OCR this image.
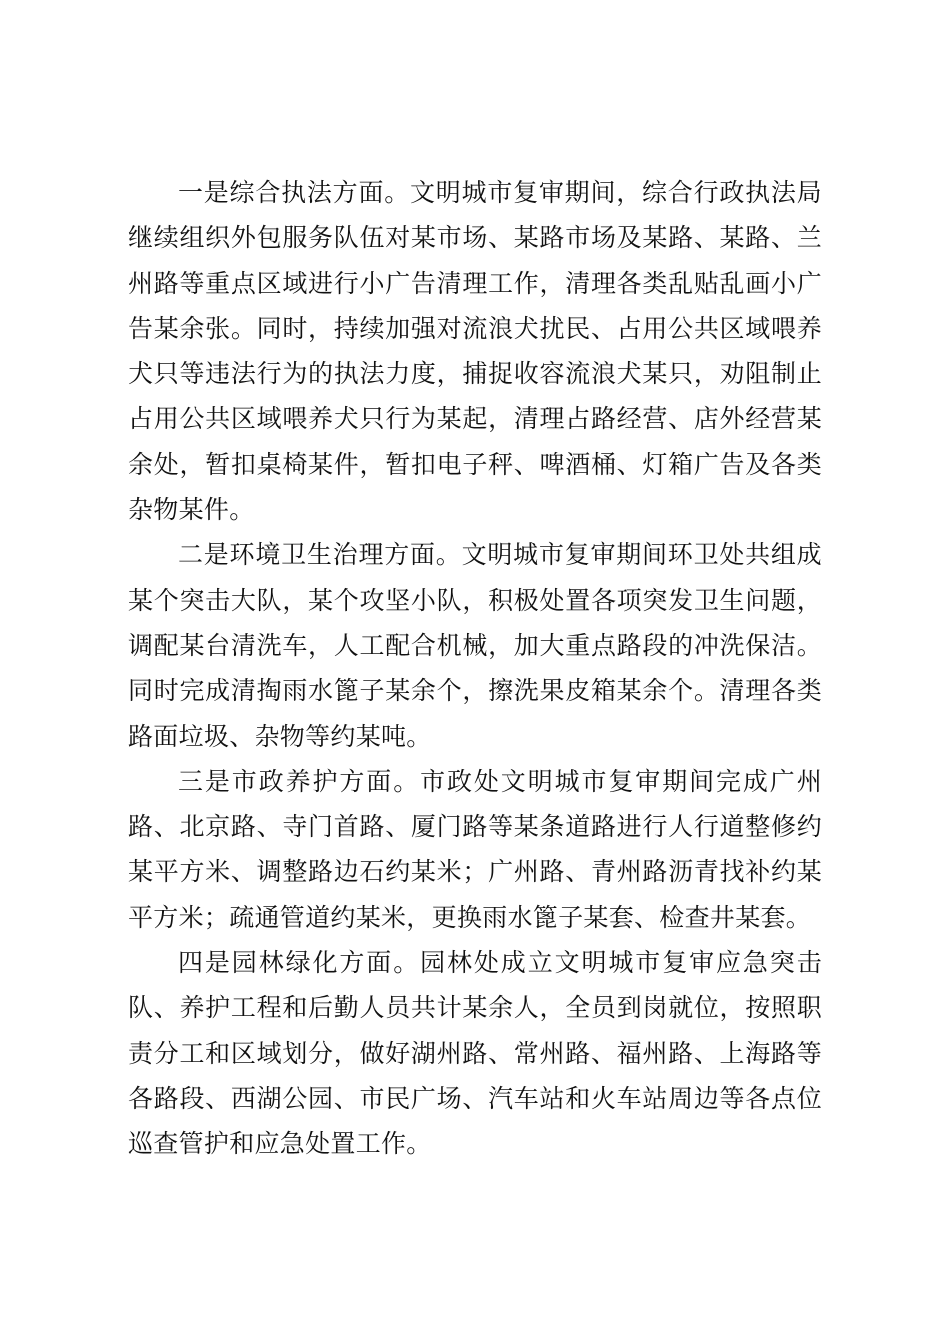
一是综合执法方面。文明城市复审期间，综合行政执法局继续组织外包服务队伍对某市场、某路市场及某路、某路、兰州路等重点区域进行小广告清理工作，清理各类乱贴乱画小广告某余张。同时，持续加强对流浪犬扰民、占用公共区域喂养犬只等违法行为的执法力度，捕捉收容流浪犬某只，劝阻制止占用公共区域喂养犬只行为某起，清理占路经营、店外经营某余处，暂扣桌椅某件，暂扣电子秤、啤酒桶、灯箱广告及各类杂物某件。

二是环境卫生治理方面。文明城市复审期间环卫处共组成某个突击大队，某个攻坚小队，积极处置各项突发卫生问题，调配某台清洗车，人工配合机械，加大重点路段的冲洗保洁。同时完成清掏雨水篦子某余个，擦洗果皮箱某余个。清理各类路面垃圾、杂物等约某吨。

三是市政养护方面。市政处文明城市复审期间完成广州路、北京路、寺门首路、厦门路等某条道路进行人行道整修约某平方米、调整路边石约某米；广州路、青州路沥青找补约某平方米；疏通管道约某米，更换雨水篦子某套、检查井某套。

四是园林绿化方面。园林处成立文明城市复审应急突击队、养护工程和后勤人员共计某余人，全员到岗就位，按照职责分工和区域划分，做好湖州路、常州路、福州路、上海路等各路段、西湖公园、市民广场、汽车站和火车站周边等各点位巡查管护和应急处置工作。
